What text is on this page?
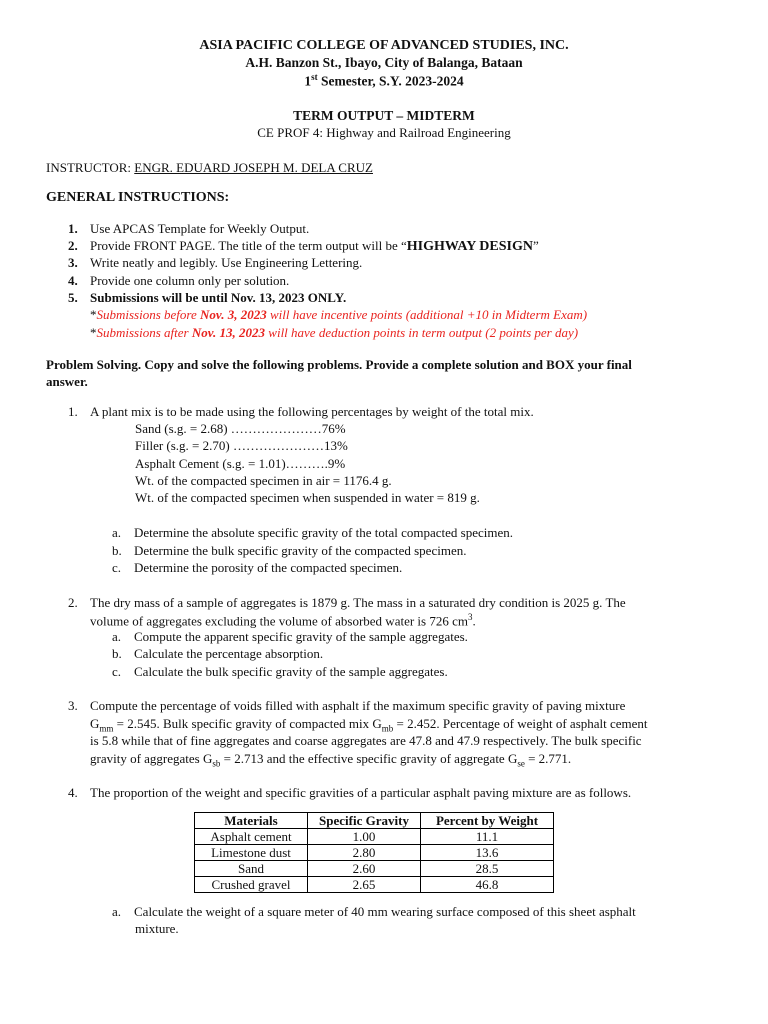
ASIA PACIFIC COLLEGE OF ADVANCED STUDIES, INC.
A.H. Banzon St., Ibayo, City of Balanga, Bataan
1st Semester, S.Y. 2023-2024
TERM OUTPUT – MIDTERM
CE PROF 4: Highway and Railroad Engineering
INSTRUCTOR: ENGR. EDUARD JOSEPH M. DELA CRUZ
GENERAL INSTRUCTIONS:
1. Use APCAS Template for Weekly Output.
2. Provide FRONT PAGE. The title of the term output will be “HIGHWAY DESIGN”
3. Write neatly and legibly. Use Engineering Lettering.
4. Provide one column only per solution.
5. Submissions will be until Nov. 13, 2023 ONLY.
*Submissions before Nov. 3, 2023 will have incentive points (additional +10 in Midterm Exam)
*Submissions after Nov. 13, 2023 will have deduction points in term output (2 points per day)
Problem Solving. Copy and solve the following problems. Provide a complete solution and BOX your final
answer.
1. A plant mix is to be made using the following percentages by weight of the total mix.
Sand (s.g. = 2.68) …………………76%
Filler (s.g. = 2.70) …………………13%
Asphalt Cement (s.g. = 1.01)……….9%
Wt. of the compacted specimen in air = 1176.4 g.
Wt. of the compacted specimen when suspended in water = 819 g.
a. Determine the absolute specific gravity of the total compacted specimen.
b. Determine the bulk specific gravity of the compacted specimen.
c. Determine the porosity of the compacted specimen.
2. The dry mass of a sample of aggregates is 1879 g. The mass in a saturated dry condition is 2025 g. The
volume of aggregates excluding the volume of absorbed water is 726 $cm^3$.
a. Compute the apparent specific gravity of the sample aggregates.
b. Calculate the percentage absorption.
c. Calculate the bulk specific gravity of the sample aggregates.
3. Compute the percentage of voids filled with asphalt if the maximum specific gravity of paving mixture
$G_{mm} = 2.545$. Bulk specific gravity of compacted mix $G_{mb} = 2.452$. Percentage of weight of asphalt cement
is 5.8 while that of fine aggregates and coarse aggregates are 47.8 and 47.9 respectively. The bulk specific
gravity of aggregates $G_{sb} = 2.713$ and the effective specific gravity of aggregate $G_{se} = 2.771$.
4. The proportion of the weight and specific gravities of a particular asphalt paving mixture are as follows.
Materials	Specific Gravity	Percent by Weight
Asphalt cement	1.00	11.1
Limestone dust	2.80	13.6
Sand	2.60	28.5
Crushed gravel	2.65	46.8
a. Calculate the weight of a square meter of 40 mm wearing surface composed of this sheet asphalt
mixture.
